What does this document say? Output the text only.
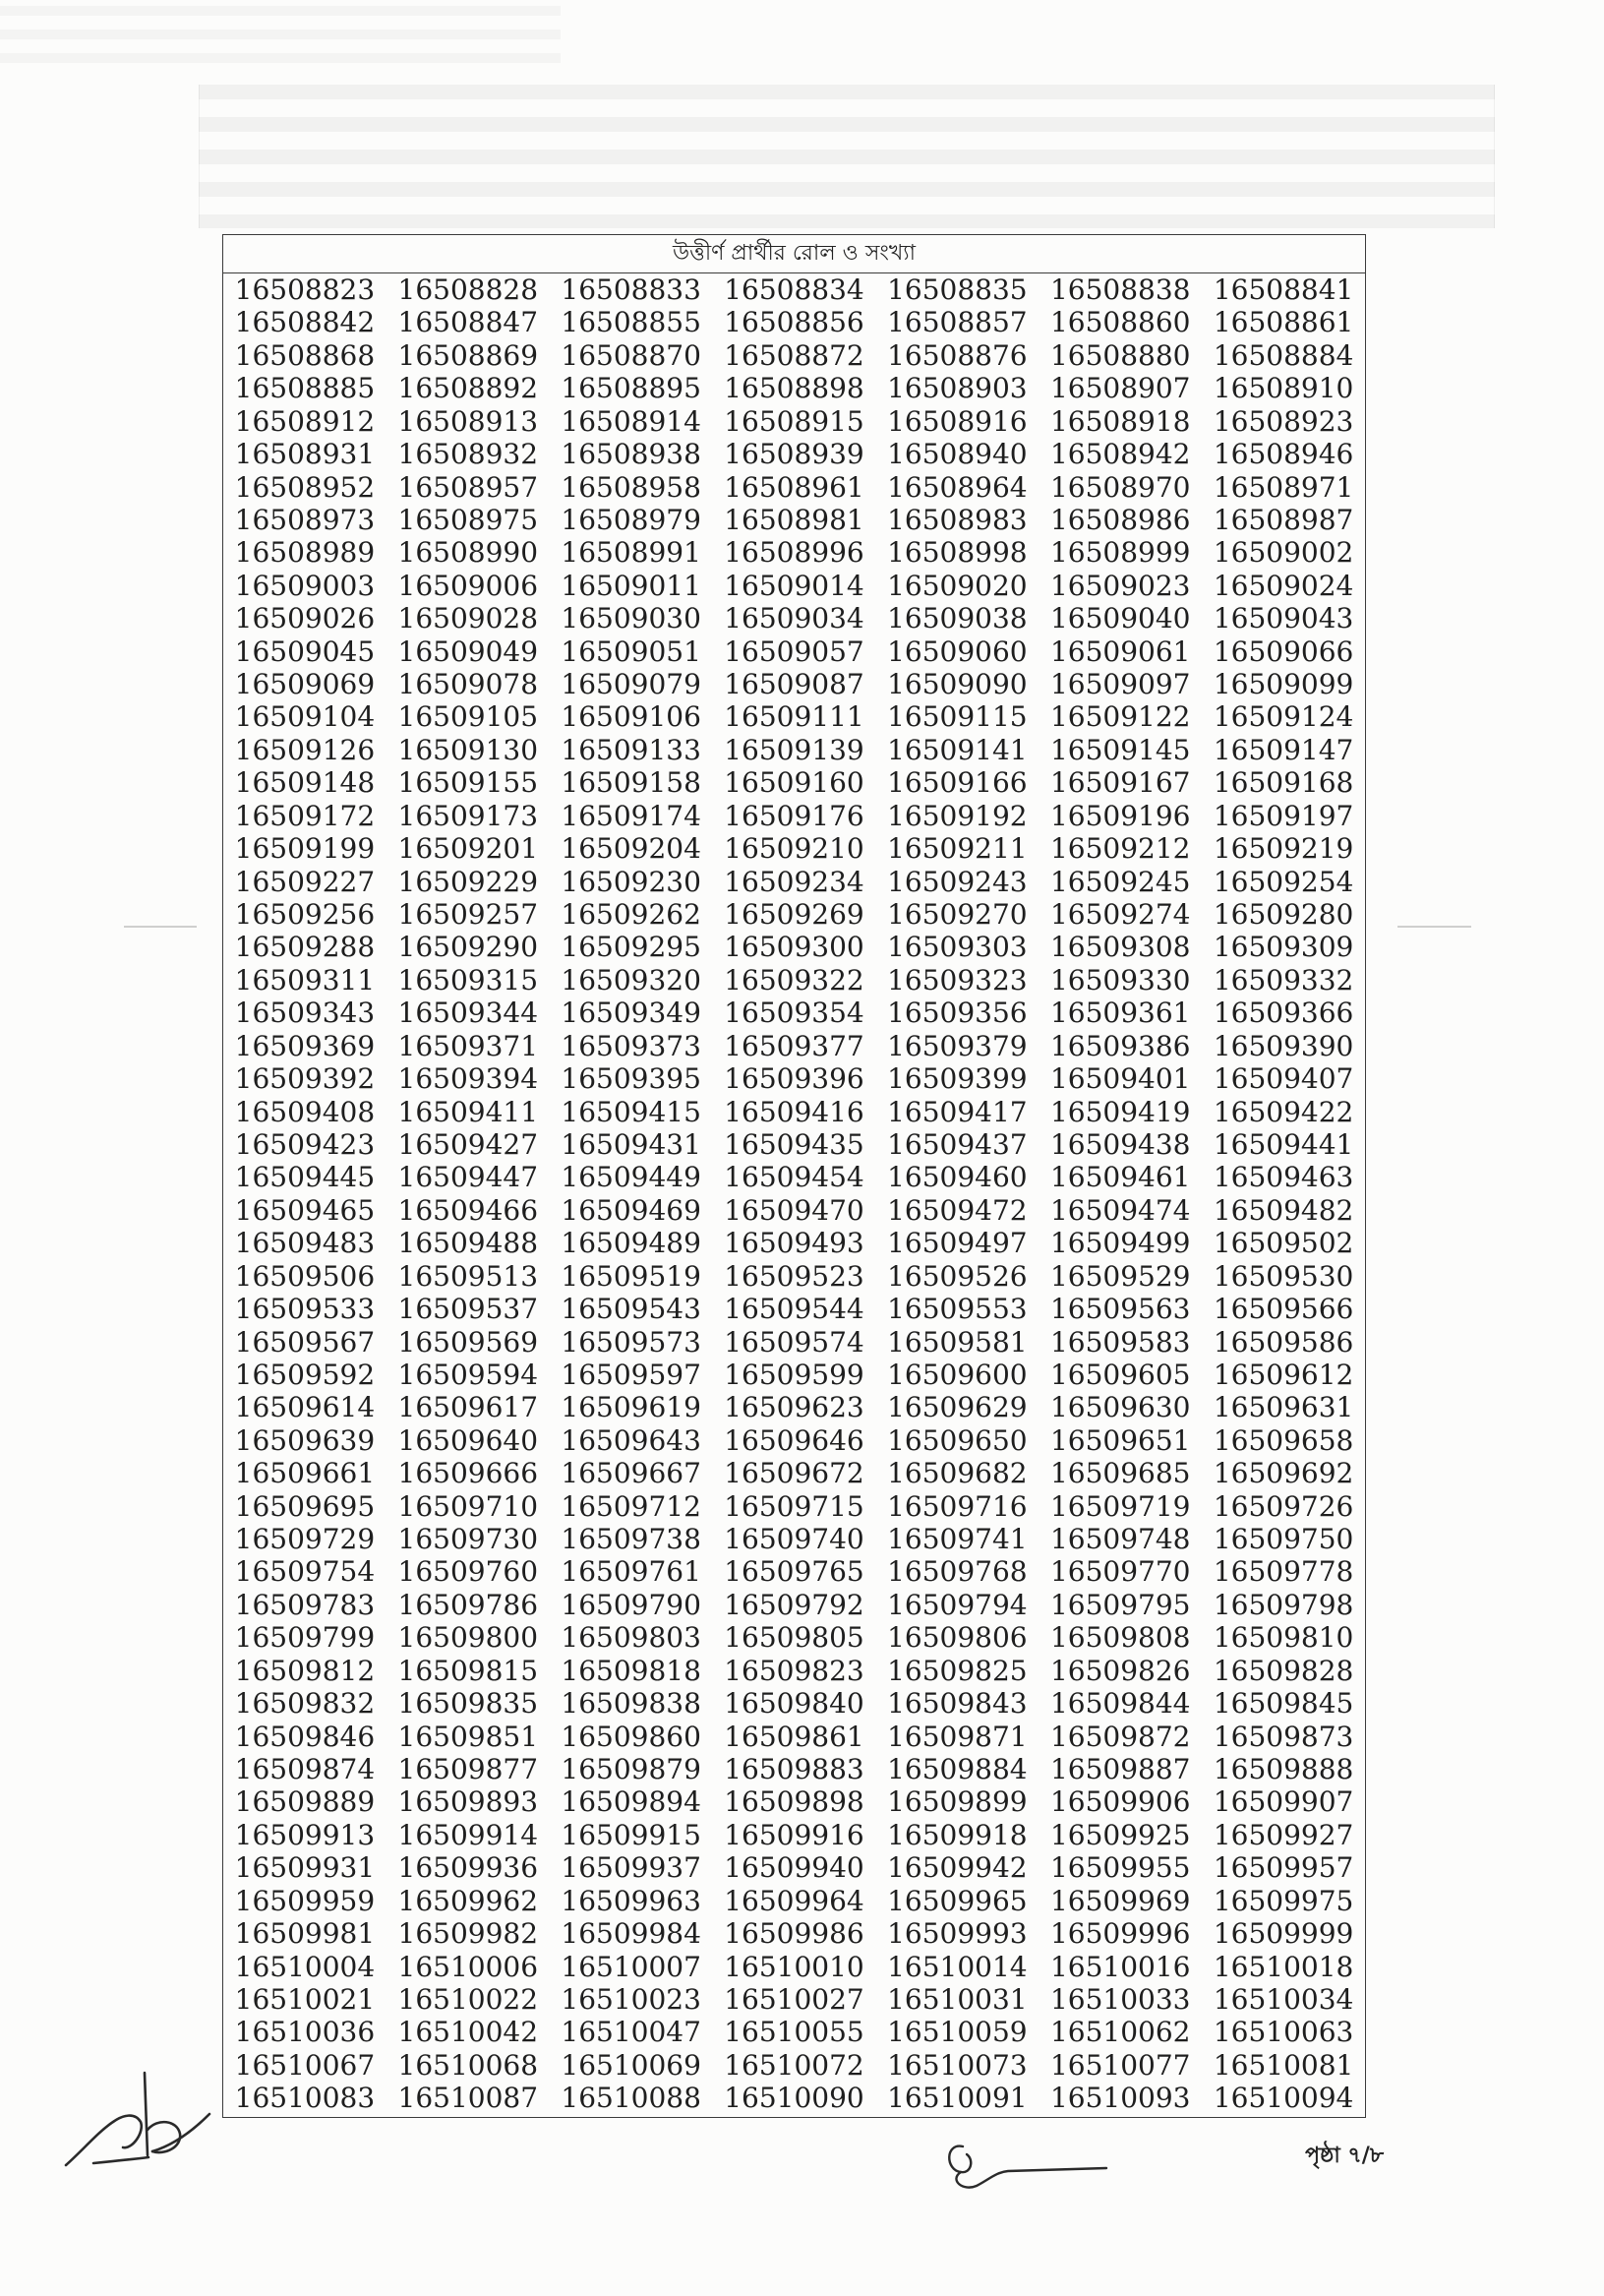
উত্তীর্ণ প্রার্থীর রোল ও সংখ্যা
16508823 16508828 16508833 16508834 16508835 16508838 16508841
16508842 16508847 16508855 16508856 16508857 16508860 16508861
16508868 16508869 16508870 16508872 16508876 16508880 16508884
16508885 16508892 16508895 16508898 16508903 16508907 16508910
16508912 16508913 16508914 16508915 16508916 16508918 16508923
16508931 16508932 16508938 16508939 16508940 16508942 16508946
16508952 16508957 16508958 16508961 16508964 16508970 16508971
16508973 16508975 16508979 16508981 16508983 16508986 16508987
16508989 16508990 16508991 16508996 16508998 16508999 16509002
16509003 16509006 16509011 16509014 16509020 16509023 16509024
16509026 16509028 16509030 16509034 16509038 16509040 16509043
16509045 16509049 16509051 16509057 16509060 16509061 16509066
16509069 16509078 16509079 16509087 16509090 16509097 16509099
16509104 16509105 16509106 16509111 16509115 16509122 16509124
16509126 16509130 16509133 16509139 16509141 16509145 16509147
16509148 16509155 16509158 16509160 16509166 16509167 16509168
16509172 16509173 16509174 16509176 16509192 16509196 16509197
16509199 16509201 16509204 16509210 16509211 16509212 16509219
16509227 16509229 16509230 16509234 16509243 16509245 16509254
16509256 16509257 16509262 16509269 16509270 16509274 16509280
16509288 16509290 16509295 16509300 16509303 16509308 16509309
16509311 16509315 16509320 16509322 16509323 16509330 16509332
16509343 16509344 16509349 16509354 16509356 16509361 16509366
16509369 16509371 16509373 16509377 16509379 16509386 16509390
16509392 16509394 16509395 16509396 16509399 16509401 16509407
16509408 16509411 16509415 16509416 16509417 16509419 16509422
16509423 16509427 16509431 16509435 16509437 16509438 16509441
16509445 16509447 16509449 16509454 16509460 16509461 16509463
16509465 16509466 16509469 16509470 16509472 16509474 16509482
16509483 16509488 16509489 16509493 16509497 16509499 16509502
16509506 16509513 16509519 16509523 16509526 16509529 16509530
16509533 16509537 16509543 16509544 16509553 16509563 16509566
16509567 16509569 16509573 16509574 16509581 16509583 16509586
16509592 16509594 16509597 16509599 16509600 16509605 16509612
16509614 16509617 16509619 16509623 16509629 16509630 16509631
16509639 16509640 16509643 16509646 16509650 16509651 16509658
16509661 16509666 16509667 16509672 16509682 16509685 16509692
16509695 16509710 16509712 16509715 16509716 16509719 16509726
16509729 16509730 16509738 16509740 16509741 16509748 16509750
16509754 16509760 16509761 16509765 16509768 16509770 16509778
16509783 16509786 16509790 16509792 16509794 16509795 16509798
16509799 16509800 16509803 16509805 16509806 16509808 16509810
16509812 16509815 16509818 16509823 16509825 16509826 16509828
16509832 16509835 16509838 16509840 16509843 16509844 16509845
16509846 16509851 16509860 16509861 16509871 16509872 16509873
16509874 16509877 16509879 16509883 16509884 16509887 16509888
16509889 16509893 16509894 16509898 16509899 16509906 16509907
16509913 16509914 16509915 16509916 16509918 16509925 16509927
16509931 16509936 16509937 16509940 16509942 16509955 16509957
16509959 16509962 16509963 16509964 16509965 16509969 16509975
16509981 16509982 16509984 16509986 16509993 16509996 16509999
16510004 16510006 16510007 16510010 16510014 16510016 16510018
16510021 16510022 16510023 16510027 16510031 16510033 16510034
16510036 16510042 16510047 16510055 16510059 16510062 16510063
16510067 16510068 16510069 16510072 16510073 16510077 16510081
16510083 16510087 16510088 16510090 16510091 16510093 16510094
পৃষ্ঠা ৭/৮
